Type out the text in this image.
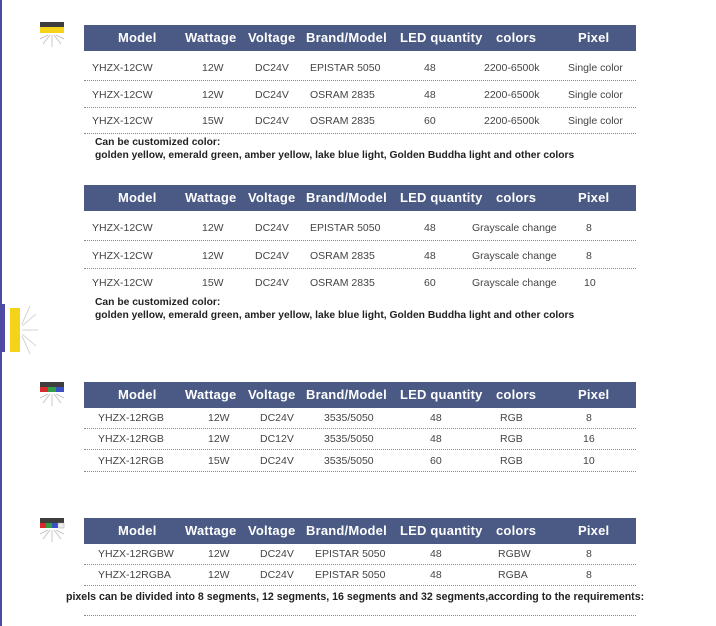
Model Wattage Voltage Brand/Model LED quantity colors	Pixel
YHZX-12CW	12W	DC24V EPISTAR 5050	48	2200-6500k	Single color
YHZX-12CW	12W	DC24V OSRAM 2835	48	2200-6500k	Single color
YHZX-12CW	15W	DC24V OSRAM 2835	60	2200-6500k	Single color
Can be customized color:
golden yellow, emerald green, amber yellow, lake blue light, Golden Buddha light and other colors
Model Wattage Voltage Brand/Model LED quantity colors	Pixel
YHZX-12CW	12W	DC24V EPISTAR 5050	48	Grayscale change	8
YHZX-12CW	12W	DC24V OSRAM 2835	48	Grayscale change	8
YHZX-12CW	15W	DC24V OSRAM 2835	60	Grayscale change	10
Can be customized color:
golden yellow, emerald green, amber yellow, lake blue light, Golden Buddha light and other colors
Model Wattage Voltage Brand/Model LED quantity colors	Pixel
YHZX-12RGB	12W	DC24V	3535/5050	48	RGB	8
YHZX-12RGB	12W	DC12V	3535/5050	48	RGB	16
YHZX-12RGB	15W	DC24V	3535/5050	60	RGB	10
Model Wattage Voltage Brand/Model LED quantity colors	Pixel
YHZX-12RGBW	12W	DC24V EPISTAR 5050	48	RGBW	8
YHZX-12RGBA	12W	DC24V EPISTAR 5050	48	RGBA	8
pixels can be divided into 8 segments, 12 segments, 16 segments and 32 segments,according to the requirements:
